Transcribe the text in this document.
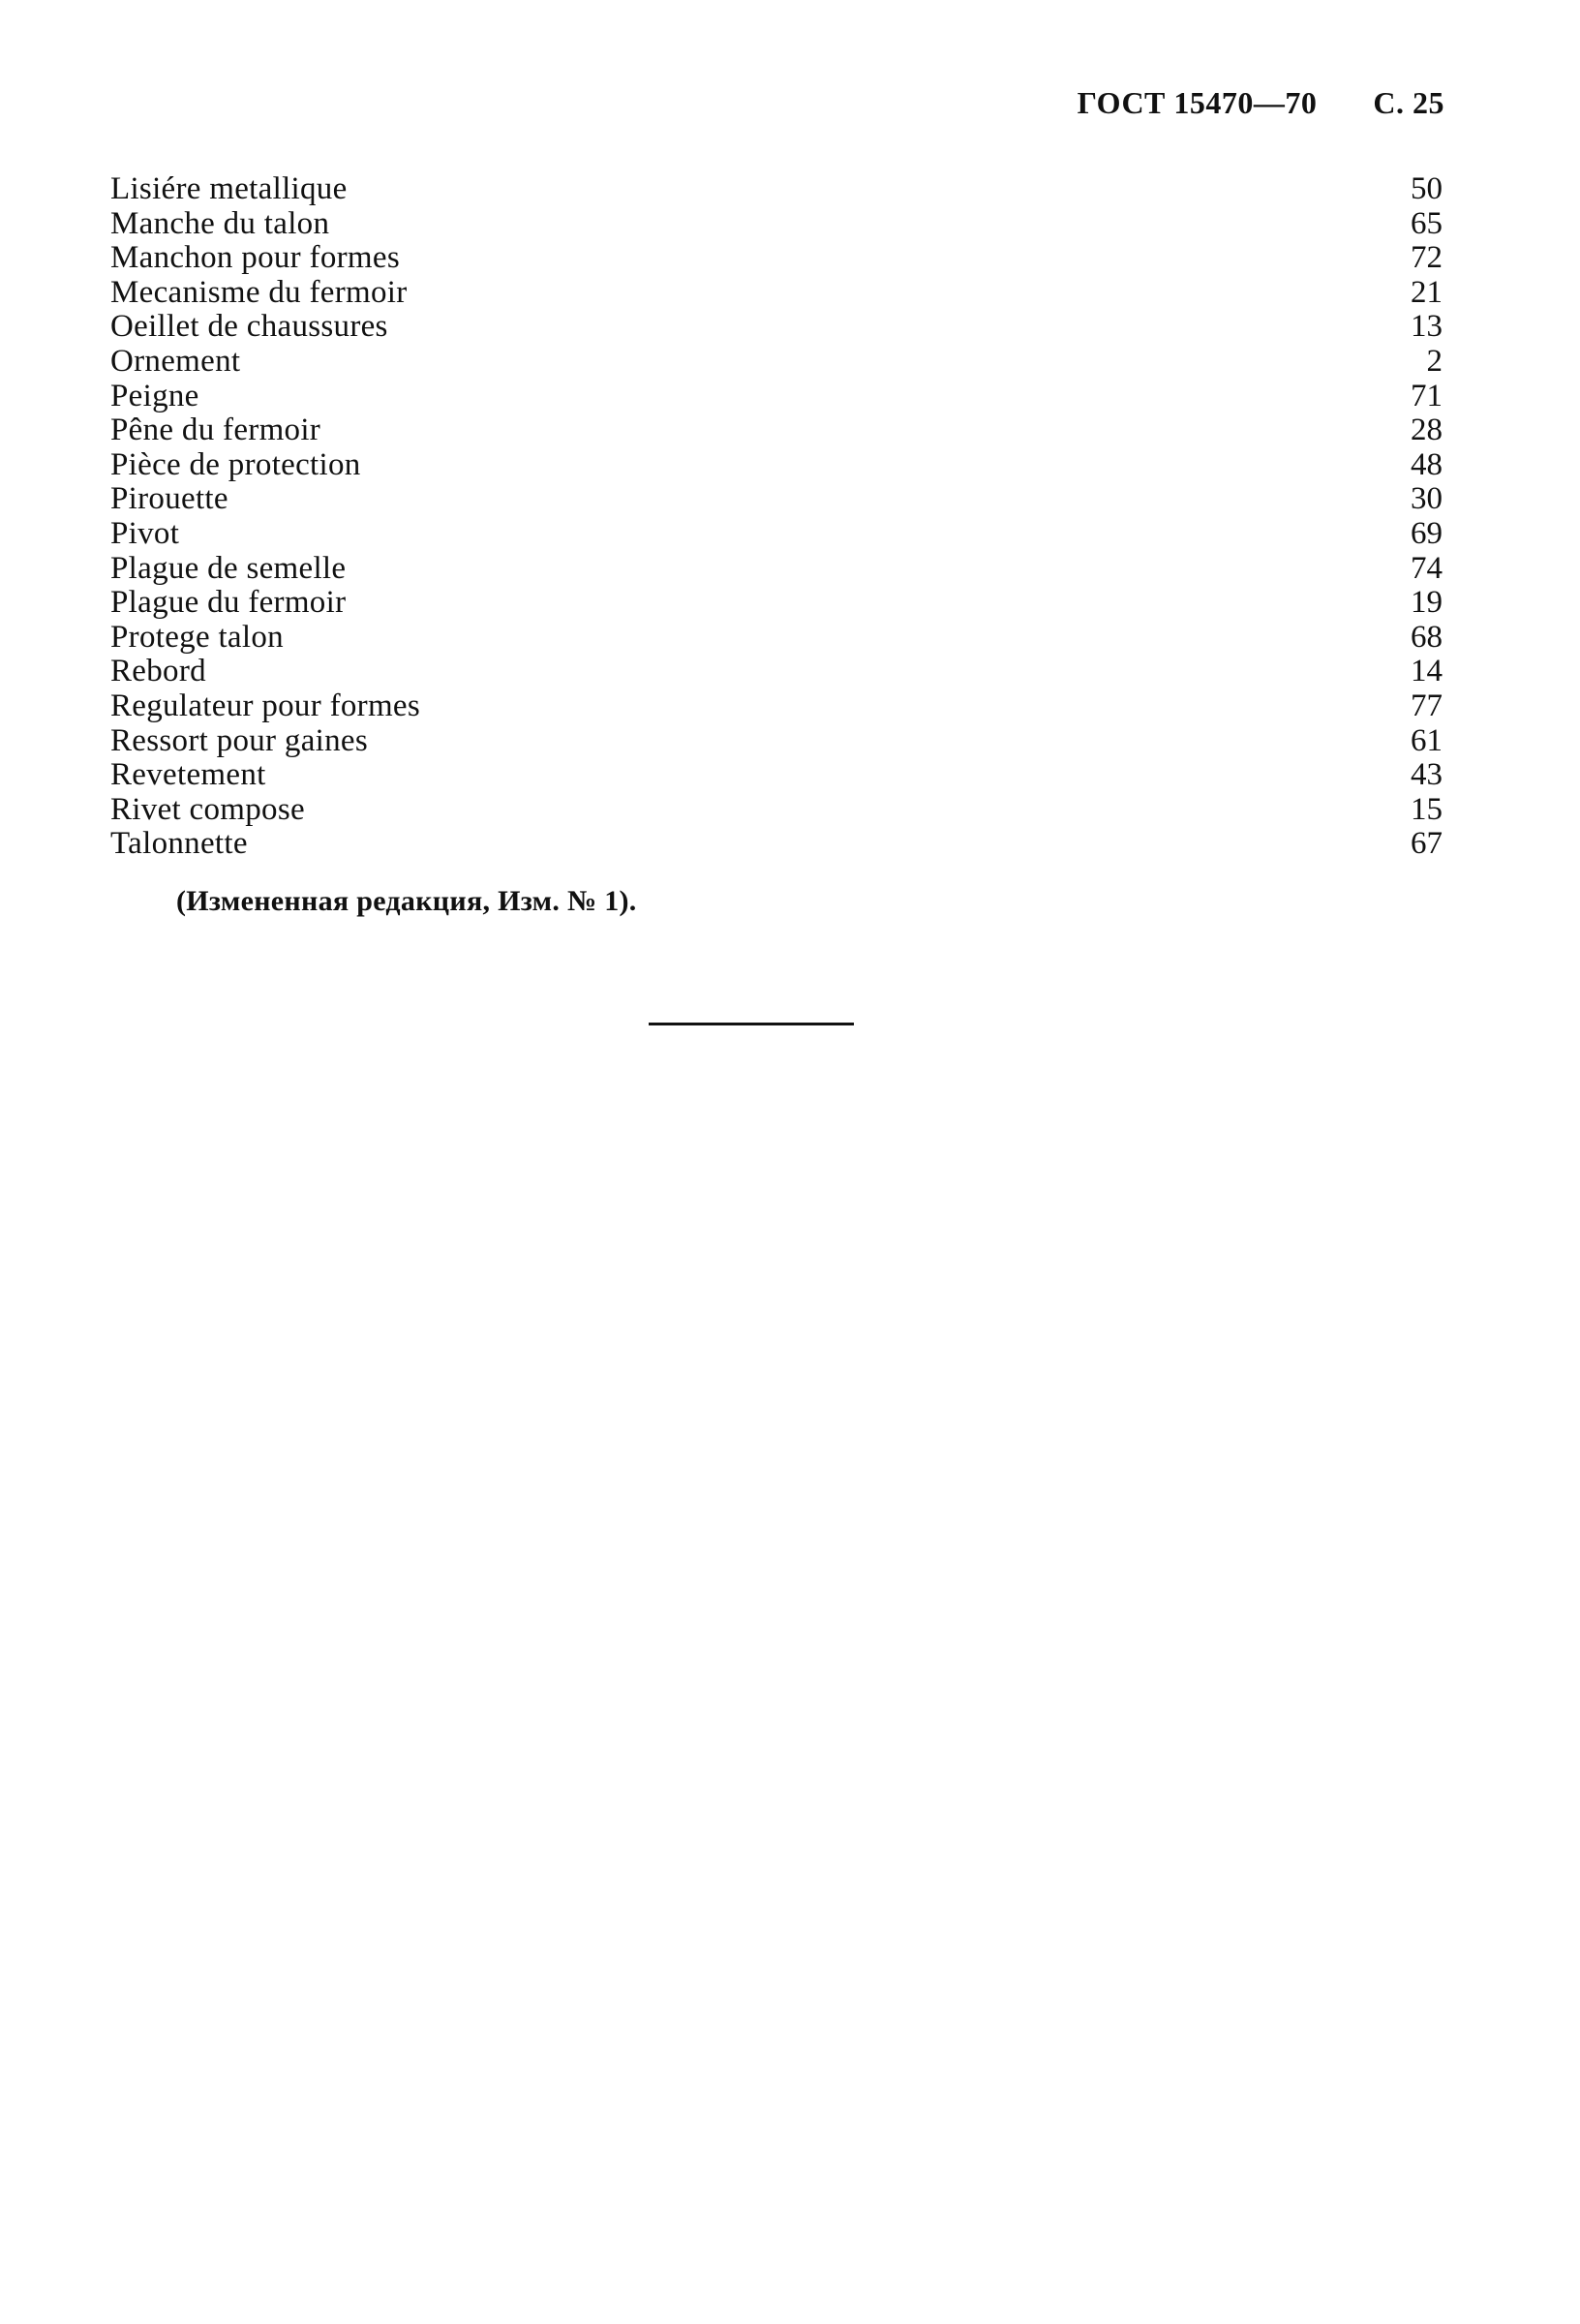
ГОСТ 15470—70 С. 25
Lisiére metallique	50
Manche du talon	65
Manchon pour formes	72
Mecanisme du fermoir	21
Oeillet de chaussures	13
Ornement	2
Peigne	71
Pêne du fermoir	28
Pièce de protection	48
Pirouette	30
Pivot	69
Plague de semelle	74
Plague du fermoir	19
Protege talon	68
Rebord	14
Regulateur pour formes	77
Ressort pour gaines	61
Revetement	43
Rivet compose	15
Talonnette	67
(Измененная редакция, Изм. № 1).
